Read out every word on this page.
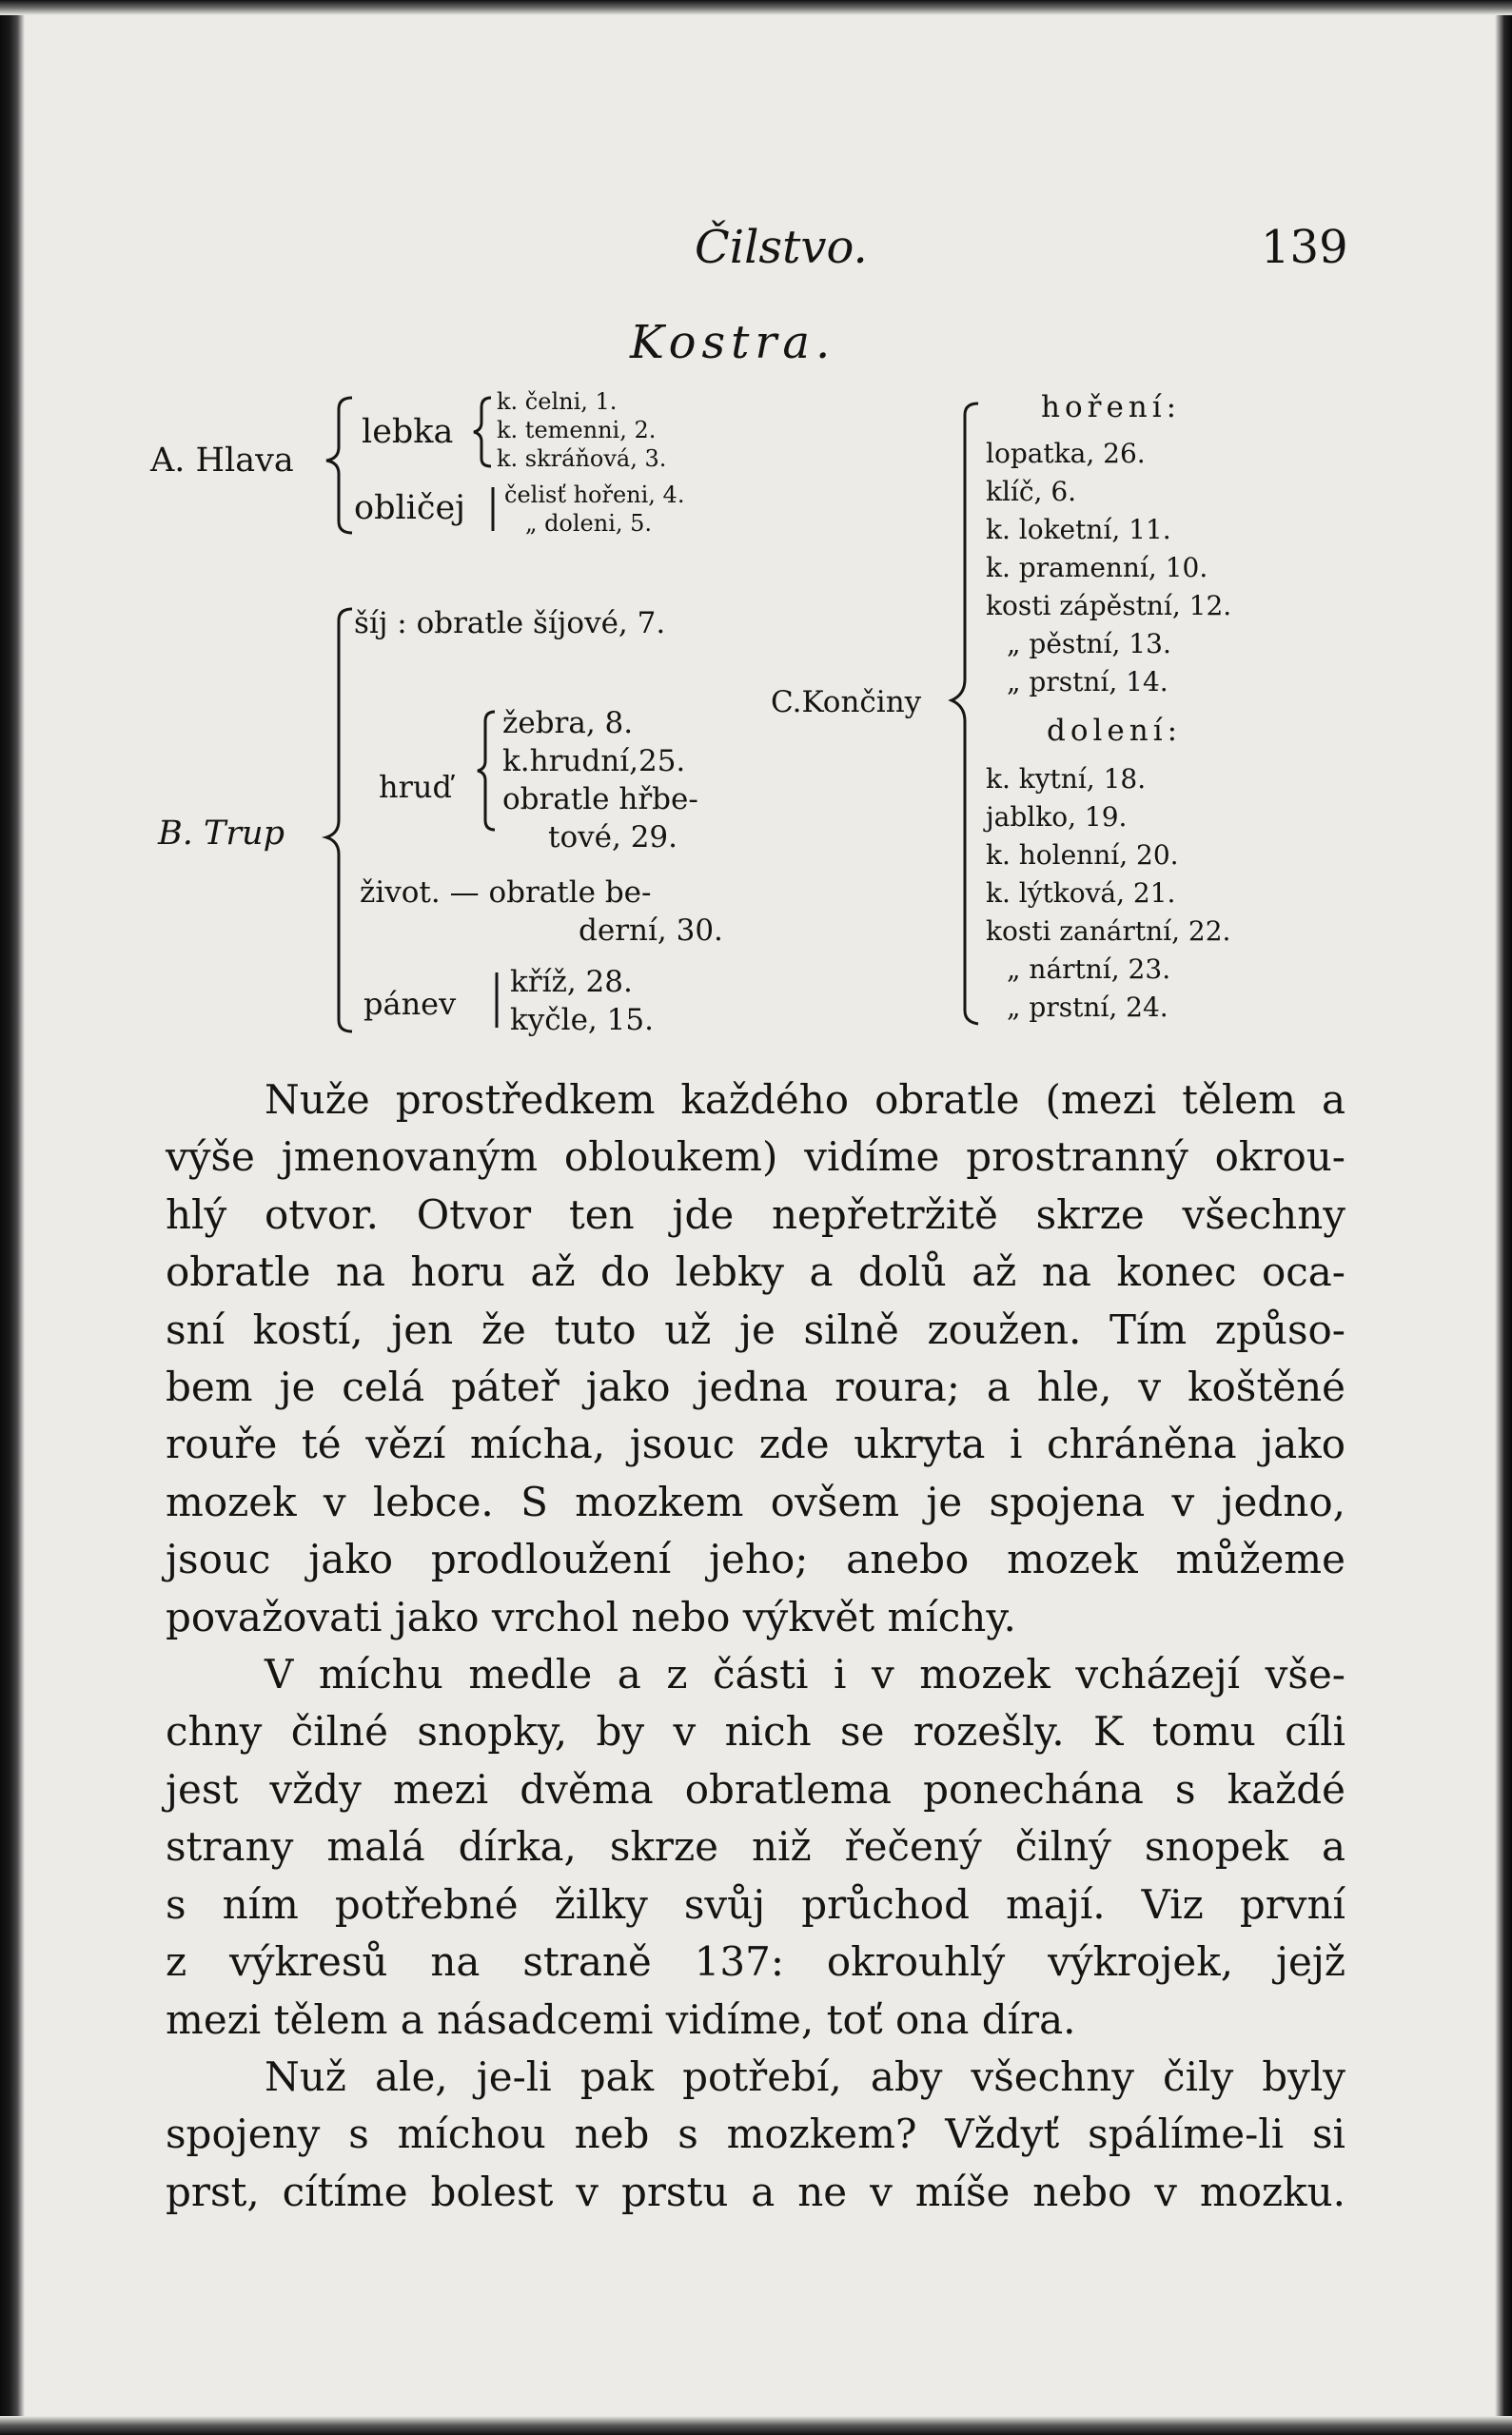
Čilstvo.	139
Kostra.
A. Hlava
lebka
k. čelni, 1.
k. temenni, 2.
k. skráňová, 3.
obličej čelisť hořeni, 4.
„ doleni, 5.
B. Trup
šíj : obratle šíjové, 7.
hruď
žebra, 8.
k.hrudní,25.
obratle hřbe-
tové, 29.
život. — obratle be-
derní, 30.
pánev
kříž, 28.
kyčle, 15.
C.Končiny
hoření:
lopatka, 26.
klíč, 6.
k. loketní, 11.
k. pramenní, 10.
kosti zápěstní, 12.
„ pěstní, 13.
„ prstní, 14.
dolení:
k. kytní, 18.
jablko, 19.
k. holenní, 20.
k. lýtková, 21.
kosti zanártní, 22.
„ nártní, 23.
„ prstní, 24.
Nuže prostředkem každého obratle (mezi tělem a
výše jmenovaným obloukem) vidíme prostranný okrou-
hlý otvor. Otvor ten jde nepřetržitě skrze všechny
obratle na horu až do lebky a dolů až na konec oca-
sní kostí, jen že tuto už je silně zoužen. Tím způso-
bem je celá páteř jako jedna roura; a hle, v koštěné
rouře té vězí mícha, jsouc zde ukryta i chráněna jako
mozek v lebce. S mozkem ovšem je spojena v jedno,
jsouc jako prodloužení jeho; anebo mozek můžeme
považovati jako vrchol nebo výkvět míchy.
V míchu medle a z části i v mozek vcházejí vše-
chny čilné snopky, by v nich se rozešly. K tomu cíli
jest vždy mezi dvěma obratlema ponechána s každé
strany malá dírka, skrze niž řečený čilný snopek a
s ním potřebné žilky svůj průchod mají. Viz první
z výkresů na straně 137: okrouhlý výkrojek, jejž
mezi tělem a násadcemi vidíme, toť ona díra.
Nuž ale, je-li pak potřebí, aby všechny čily byly
spojeny s míchou neb s mozkem? Vždyť spálíme-li si
prst, cítíme bolest v prstu a ne v míše nebo v mozku.
